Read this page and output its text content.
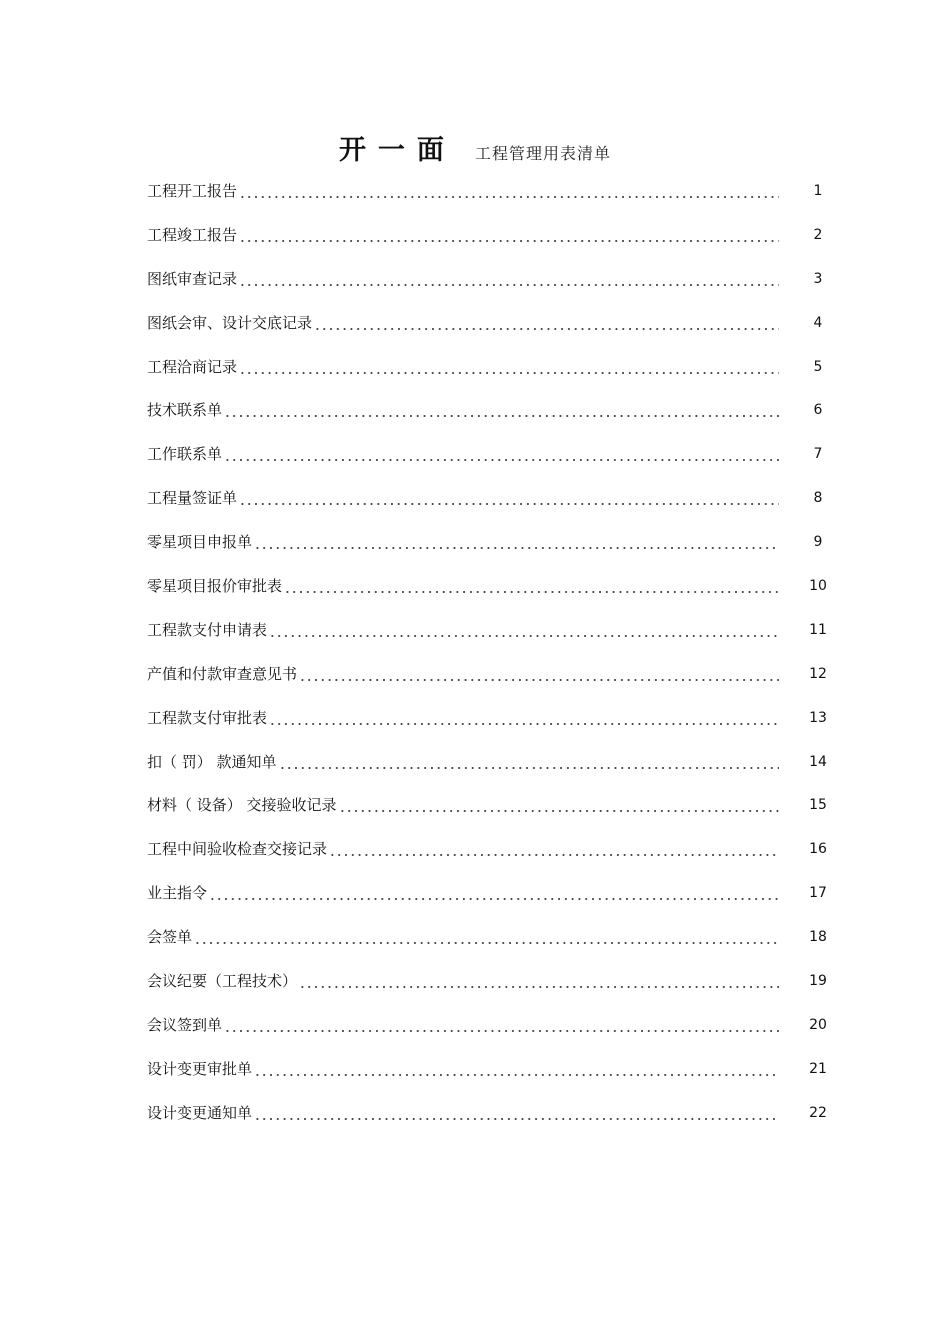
开一面 工程管理用表清单
工程开工报告	1
工程竣工报告	2
图纸审查记录	3
图纸会审、设计交底记录	4
工程洽商记录	5
技术联系单	6
工作联系单	7
工程量签证单	8
零星项目申报单	9
零星项目报价审批表	10
工程款支付申请表	11
产值和付款审查意见书	12
工程款支付审批表	13
扣（ 罚） 款通知单	14
材料（ 设备） 交接验收记录	15
工程中间验收检查交接记录	16
业主指令	17
会签单	18
会议纪要（工程技术）	19
会议签到单	20
设计变更审批单	21
设计变更通知单	22
